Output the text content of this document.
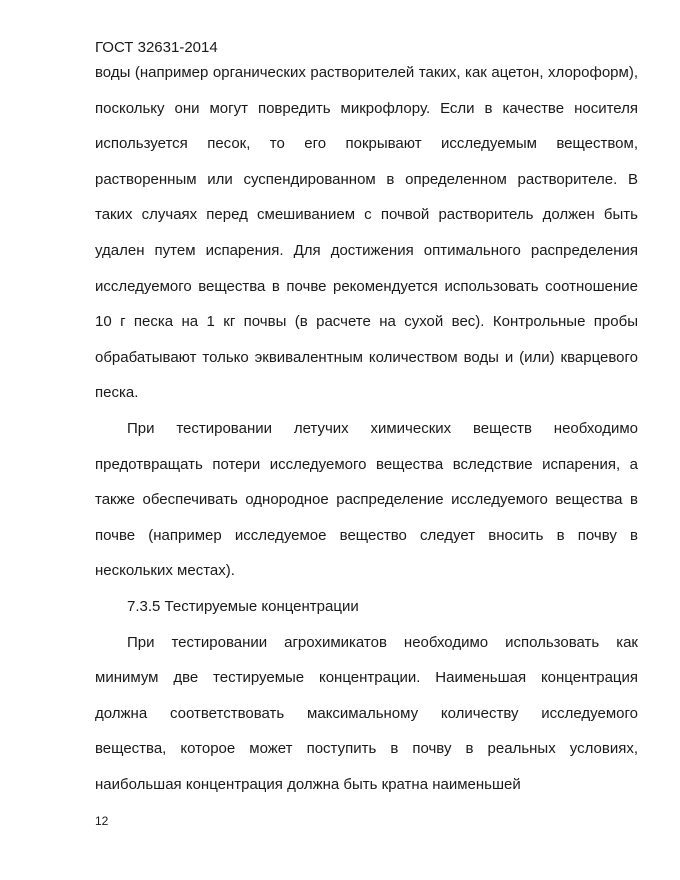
ГОСТ 32631-2014

воды (например органических растворителей таких, как ацетон, хлороформ), поскольку они могут повредить микрофлору. Если в качестве носителя используется песок, то его покрывают исследуемым веществом, растворенным или суспендированном в определенном растворителе. В таких случаях перед смешиванием с почвой растворитель должен быть удален путем испарения. Для достижения оптимального распределения исследуемого вещества в почве рекомендуется использовать соотношение 10 г песка на 1 кг почвы (в расчете на сухой вес). Контрольные пробы обрабатывают только эквивалентным количеством воды и (или) кварцевого песка.

При тестировании летучих химических веществ необходимо предотвращать потери исследуемого вещества вследствие испарения, а также обеспечивать однородное распределение исследуемого вещества в почве (например исследуемое вещество следует вносить в почву в нескольких местах).

7.3.5 Тестируемые концентрации

При тестировании агрохимикатов необходимо использовать как минимум две тестируемые концентрации. Наименьшая концентрация должна соответствовать максимальному количеству исследуемого вещества, которое может поступить в почву в реальных условиях, наибольшая концентрация должна быть кратна наименьшей

12
